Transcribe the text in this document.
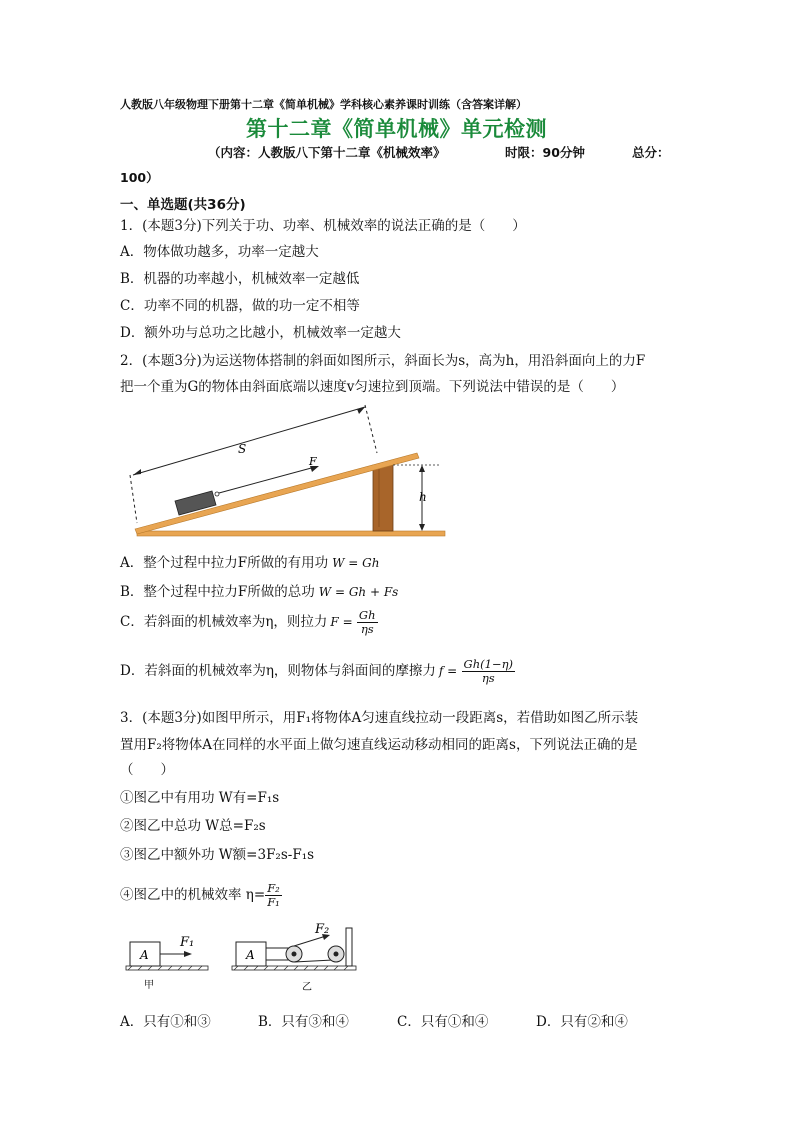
人教版八年级物理下册第十二章《简单机械》学科核心素养课时训练（含答案详解）
第十二章《简单机械》单元检测
（内容：人教版八下第十二章《机械效率》	时限：90分钟	总分：
100）
一、单选题(共36分)
1．(本题3分)下列关于功、功率、机械效率的说法正确的是（　　）
A．物体做功越多，功率一定越大
B．机器的功率越小，机械效率一定越低
C．功率不同的机器，做的功一定不相等
D．额外功与总功之比越小，机械效率一定越大
2．(本题3分)为运送物体搭制的斜面如图所示，斜面长为s，高为h，用沿斜面向上的力F
把一个重为G的物体由斜面底端以速度v匀速拉到顶端。下列说法中错误的是（　　）
S
h
F
A．整个过程中拉力F所做的有用功 W = Gh
B．整个过程中拉力F所做的总功 W = Gh + Fs
C．若斜面的机械效率为η，则拉力 $F = \frac{Gh}{\eta s}$
D．若斜面的机械效率为η，则物体与斜面间的摩擦力 $f = \frac{Gh(1-\eta)}{\eta s}$
3．(本题3分)如图甲所示，用F₁将物体A匀速直线拉动一段距离s，若借助如图乙所示装
置用F₂将物体A在同样的水平面上做匀速直线运动移动相同的距离s，下列说法正确的是
（　　）
①图乙中有用功 W有=F₁s
②图乙中总功 W总=F₂s
③图乙中额外功 W额=3F₂s-F₁s
④图乙中的机械效率 $\eta= \frac{\text{F₂}}{\text{F₁}}$
A
F₁
甲
A
F₂
乙
A．只有①和③	B．只有③和④	C．只有①和④	D．只有②和④
